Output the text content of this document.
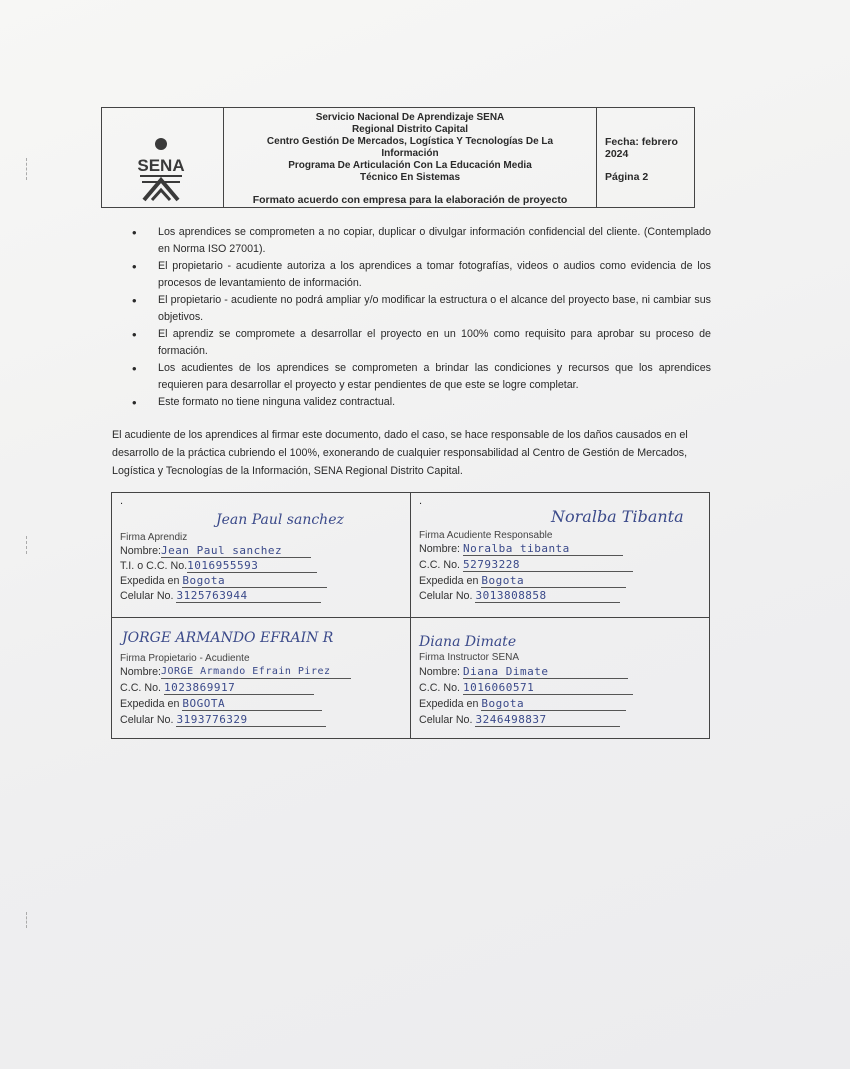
SENA
Servicio Nacional De Aprendizaje SENA
Regional Distrito Capital
Centro Gestión De Mercados, Logística Y Tecnologías De La
Información
Programa De Articulación Con La Educación Media
Técnico En Sistemas
Formato acuerdo con empresa para la elaboración de proyecto
Fecha: febrero 2024
Página 2
• Los aprendices se comprometen a no copiar, duplicar o divulgar información confidencial del cliente. (Contemplado en Norma ISO 27001).
• El propietario - acudiente autoriza a los aprendices a tomar fotografías, videos o audios como evidencia de los procesos de levantamiento de información.
• El propietario - acudiente no podrá ampliar y/o modificar la estructura o el alcance del proyecto base, ni cambiar sus objetivos.
• El aprendiz se compromete a desarrollar el proyecto en un 100% como requisito para aprobar su proceso de formación.
• Los acudientes de los aprendices se comprometen a brindar las condiciones y recursos que los aprendices requieren para desarrollar el proyecto y estar pendientes de que este se logre completar.
• Este formato no tiene ninguna validez contractual.
El acudiente de los aprendices al firmar este documento, dado el caso, se hace responsable de los daños causados en el desarrollo de la práctica cubriendo el 100%, exonerando de cualquier responsabilidad al Centro de Gestión de Mercados, Logística y Tecnologías de la Información, SENA Regional Distrito Capital.
.
Jean Paul sanchez
Firma Aprendiz
Nombre:Jean Paul sanchez
T.I. o C.C. No.1016955593
Expedida en Bogota
Celular No. 3125763944
.
Noralba Tibanta
Firma Acudiente Responsable
Nombre: Noralba tibanta
C.C. No. 52793228
Expedida en Bogota
Celular No. 3013808858
JORGE ARMANDO EFRAIN R
Firma Propietario - Acudiente
Nombre:JORGE Armando Efrain Pirez
C.C. No. 1023869917
Expedida en BOGOTA
Celular No. 3193776329
Diana Dimate
Firma Instructor SENA
Nombre: Diana Dimate
C.C. No. 1016060571
Expedida en Bogota
Celular No. 3246498837
